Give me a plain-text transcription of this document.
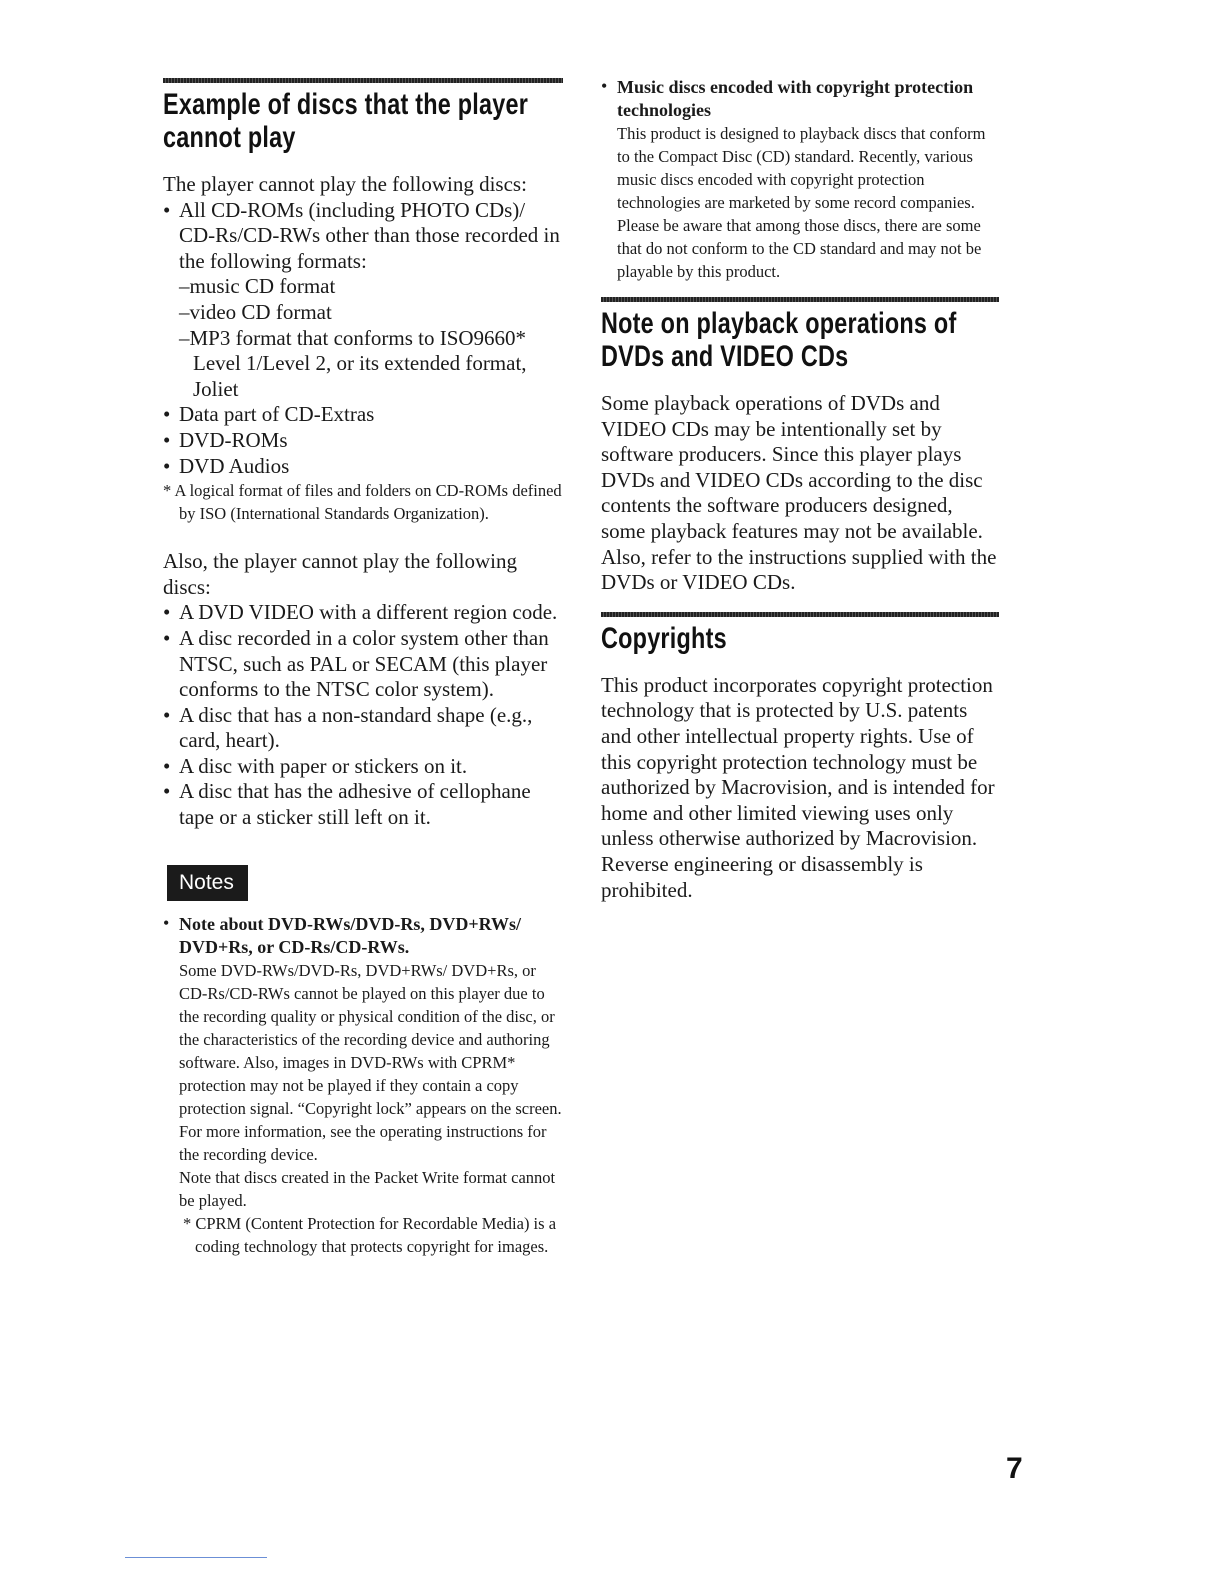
Example of discs that the player cannot play

The player cannot play the following discs:

• All CD-ROMs (including PHOTO CDs)/ CD-Rs/CD-RWs other than those recorded in the following formats:
–music CD format
–video CD format
–MP3 format that conforms to ISO9660* Level 1/Level 2, or its extended format, Joliet
• Data part of CD-Extras
• DVD-ROMs
• DVD Audios

* A logical format of files and folders on CD-ROMs defined by ISO (International Standards Organization).

Also, the player cannot play the following discs:

• A DVD VIDEO with a different region code.
• A disc recorded in a color system other than NTSC, such as PAL or SECAM (this player conforms to the NTSC color system).
• A disc that has a non-standard shape (e.g., card, heart).
• A disc with paper or stickers on it.
• A disc that has the adhesive of cellophane tape or a sticker still left on it.
Notes

• Note about DVD-RWs/DVD-Rs, DVD+RWs/ DVD+Rs, or CD-Rs/CD-RWs.

Some DVD-RWs/DVD-Rs, DVD+RWs/ DVD+Rs, or CD-Rs/CD-RWs cannot be played on this player due to the recording quality or physical condition of the disc, or the characteristics of the recording device and authoring software. Also, images in DVD-RWs with CPRM* protection may not be played if they contain a copy protection signal. “Copyright lock” appears on the screen. For more information, see the operating instructions for the recording device.

Note that discs created in the Packet Write format cannot be played.

* CPRM (Content Protection for Recordable Media) is a coding technology that protects copyright for images.

• Music discs encoded with copyright protection technologies

This product is designed to playback discs that conform to the Compact Disc (CD) standard. Recently, various music discs encoded with copyright protection technologies are marketed by some record companies. Please be aware that among those discs, there are some that do not conform to the CD standard and may not be playable by this product.

Note on playback operations of DVDs and VIDEO CDs

Some playback operations of DVDs and VIDEO CDs may be intentionally set by software producers. Since this player plays DVDs and VIDEO CDs according to the disc contents the software producers designed, some playback features may not be available. Also, refer to the instructions supplied with the DVDs or VIDEO CDs.

Copyrights

This product incorporates copyright protection technology that is protected by U.S. patents and other intellectual property rights. Use of this copyright protection technology must be authorized by Macrovision, and is intended for home and other limited viewing uses only unless otherwise authorized by Macrovision. Reverse engineering or disassembly is prohibited.

7
